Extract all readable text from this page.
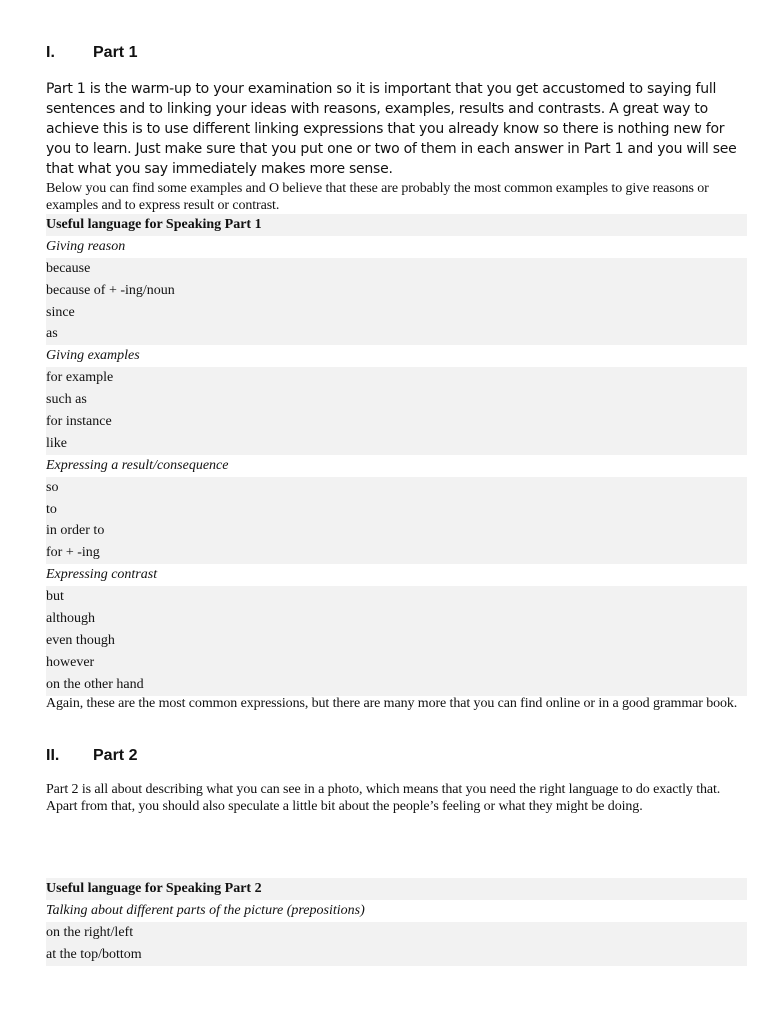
I.	Part 1
Part 1 is the warm-up to your examination so it is important that you get accustomed to saying full sentences and to linking your ideas with reasons, examples, results and contrasts. A great way to achieve this is to use different linking expressions that you already know so there is nothing new for you to learn. Just make sure that you put one or two of them in each answer in Part 1 and you will see that what you say immediately makes more sense.
Below you can find some examples and O believe that these are probably the most common examples to give reasons or examples and to express result or contrast.
Useful language for Speaking Part 1
Giving reason
because
because of + -ing/noun
since
as
Giving examples
for example
such as
for instance
like
Expressing a result/consequence
so
to
in order to
for + -ing
Expressing contrast
but
although
even though
however
on the other hand
Again, these are the most common expressions, but there are many more that you can find online or in a good grammar book.
II.	Part 2
Part 2 is all about describing what you can see in a photo, which means that you need the right language to do exactly that. Apart from that, you should also speculate a little bit about the people’s feeling or what they might be doing.
Useful language for Speaking Part 2
Talking about different parts of the picture (prepositions)
on the right/left
at the top/bottom
